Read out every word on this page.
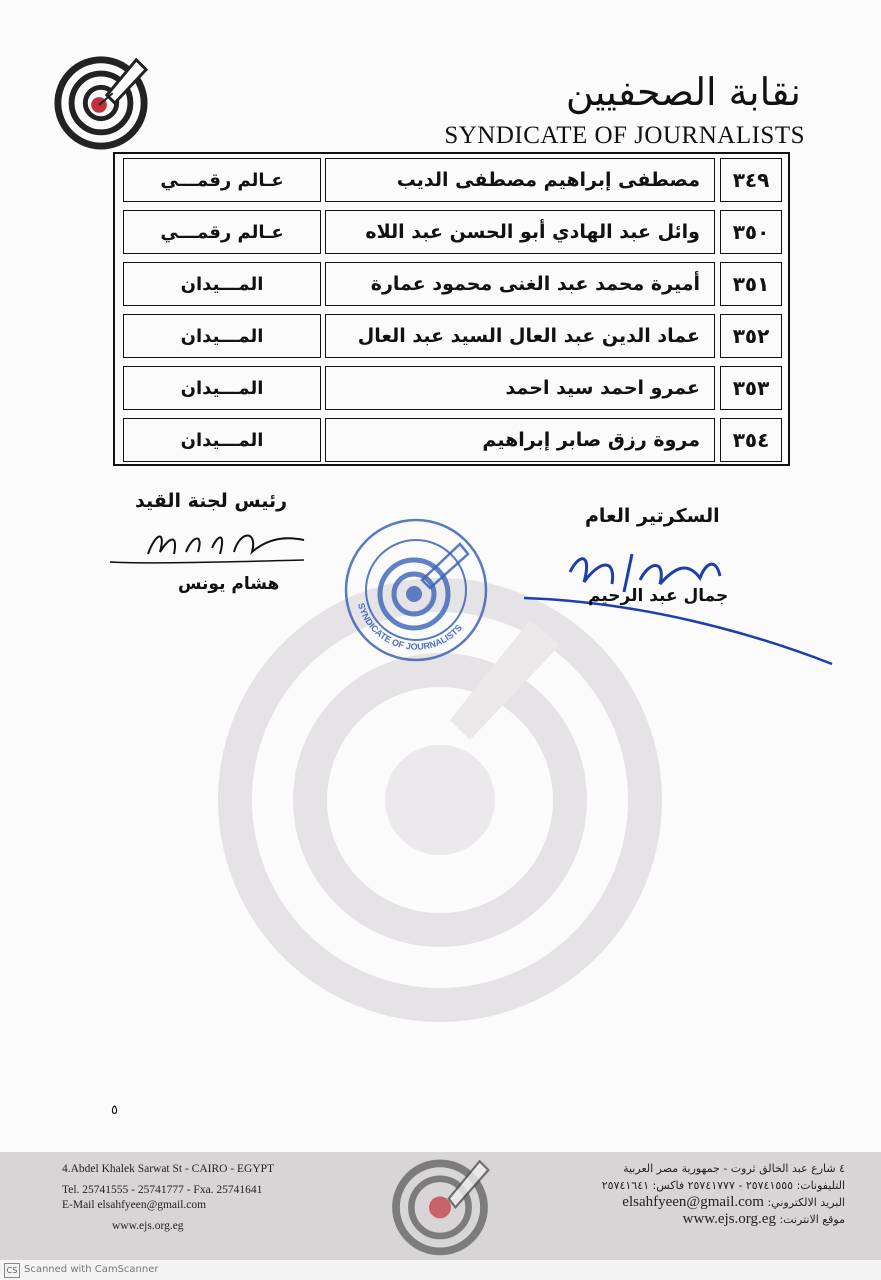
نقابة الصحفيين
SYNDICATE OF JOURNALISTS
٣٤٩
مصطفى إبراهيم مصطفى الديب
عـالم رقمـــي
٣٥٠
وائل عبد الهادي أبو الحسن عبد اللاه
عـالم رقمـــي
٣٥١
أميرة محمد عبد الغنى محمود عمارة
المـــيدان
٣٥٢
عماد الدين عبد العال السيد عبد العال
المـــيدان
٣٥٣
عمرو احمد سيد احمد
المـــيدان
٣٥٤
مروة رزق صابر إبراهيم
المـــيدان
رئيس لجنة القيد
هشام يونس
SYNDICATE OF JOURNALISTS
السكرتير العام
جمال عبد الرحيم
٥
4.Abdel Khalek Sarwat St - CAIRO - EGYPT
Tel. 25741555 - 25741777 - Fxa. 25741641
E-Mail elsahfyeen@gmail.com
www.ejs.org.eg
٤ شارع عبد الخالق ثروت - جمهورية مصر العربية
التليفونات: ٢٥٧٤١٥٥٥ - ٢٥٧٤١٧٧٧ فاكس: ٢٥٧٤١٦٤١
البريد الالكتروني: elsahfyeen@gmail.com
موقع الانترنت: www.ejs.org.eg
CS Scanned with CamScanner
